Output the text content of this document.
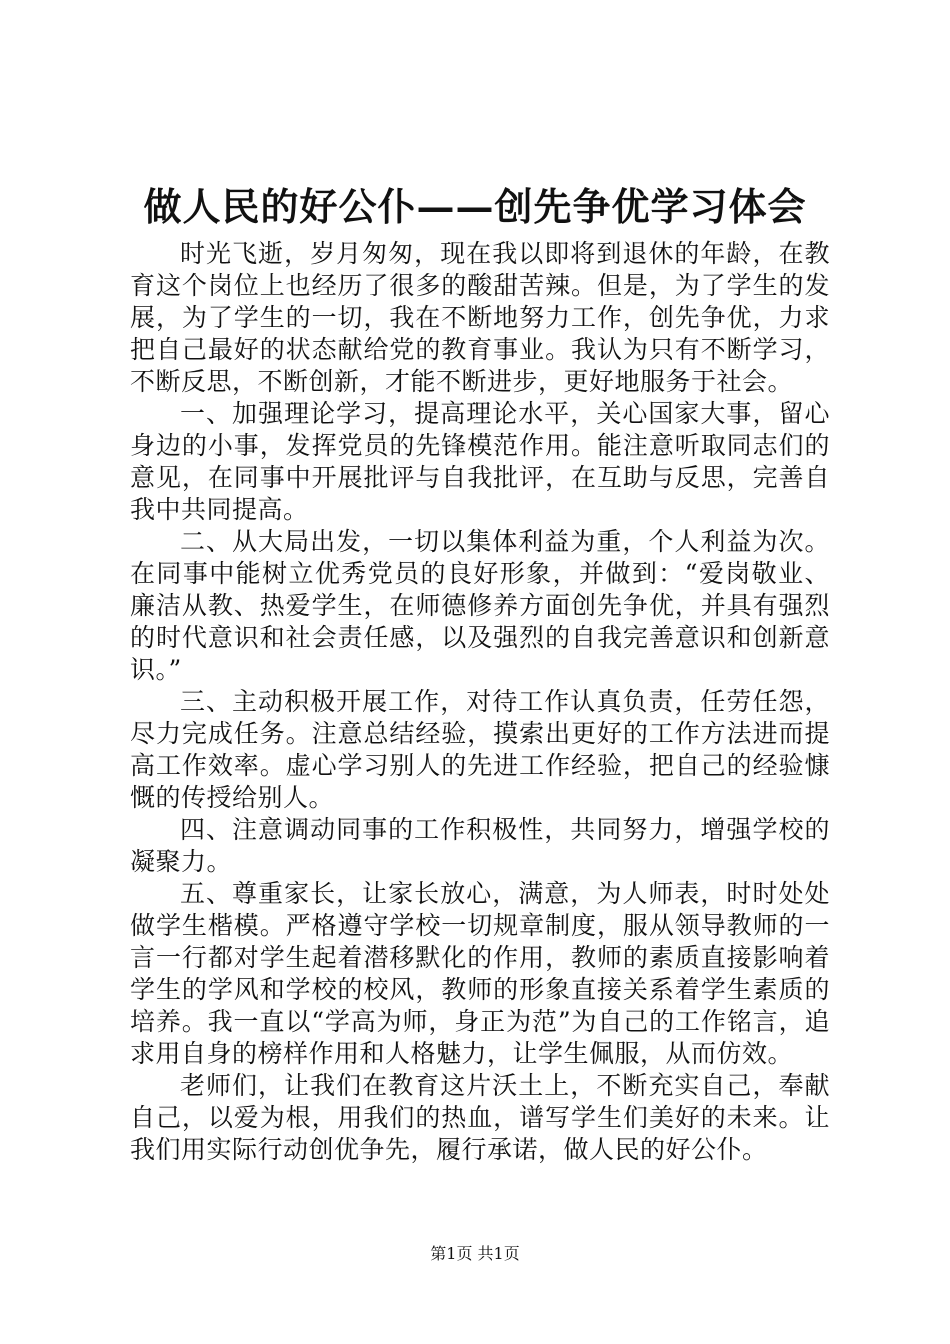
做人民的好公仆——创先争优学习体会

时光飞逝，岁月匆匆，现在我以即将到退休的年龄，在教育这个岗位上也经历了很多的酸甜苦辣。但是，为了学生的发展，为了学生的一切，我在不断地努力工作，创先争优，力求把自己最好的状态献给党的教育事业。我认为只有不断学习，不断反思，不断创新，才能不断进步，更好地服务于社会。

一、加强理论学习，提高理论水平，关心国家大事，留心身边的小事，发挥党员的先锋模范作用。能注意听取同志们的意见，在同事中开展批评与自我批评，在互助与反思，完善自我中共同提高。

二、从大局出发，一切以集体利益为重，个人利益为次。在同事中能树立优秀党员的良好形象，并做到：“爱岗敬业、廉洁从教、热爱学生，在师德修养方面创先争优，并具有强烈的时代意识和社会责任感，以及强烈的自我完善意识和创新意识。”

三、主动积极开展工作，对待工作认真负责，任劳任怨，尽力完成任务。注意总结经验，摸索出更好的工作方法进而提高工作效率。虚心学习别人的先进工作经验，把自己的经验慷慨的传授给别人。

四、注意调动同事的工作积极性，共同努力，增强学校的凝聚力。

五、尊重家长，让家长放心，满意，为人师表，时时处处做学生楷模。严格遵守学校一切规章制度，服从领导教师的一言一行都对学生起着潜移默化的作用，教师的素质直接影响着学生的学风和学校的校风，教师的形象直接关系着学生素质的培养。我一直以“学高为师，身正为范”为自己的工作铭言，追求用自身的榜样作用和人格魅力，让学生佩服，从而仿效。

老师们，让我们在教育这片沃土上，不断充实自己，奉献自己，以爱为根，用我们的热血，谱写学生们美好的未来。让我们用实际行动创优争先，履行承诺，做人民的好公仆。

第1页 共1页
